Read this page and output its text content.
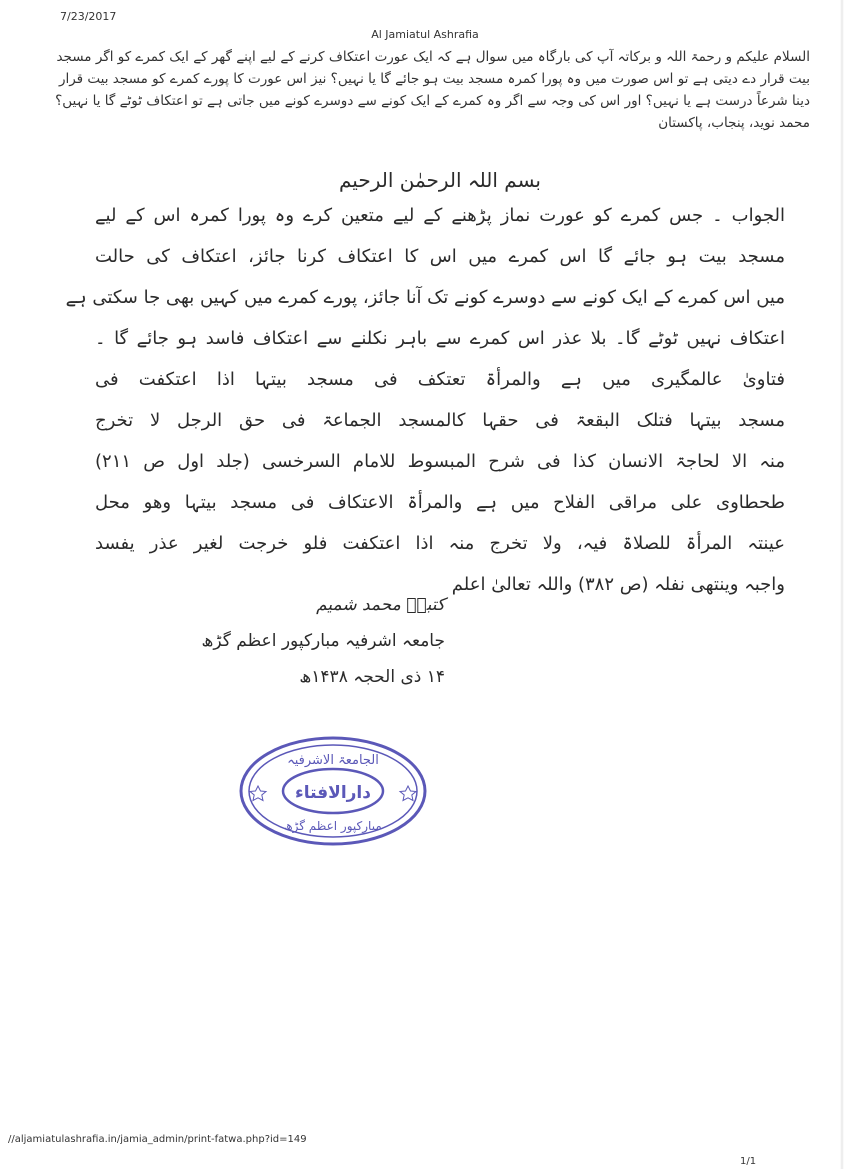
7/23/2017
Al Jamiatul Ashrafia
السلام علیکم و رحمۃ اللہ و برکاتہ آپ کی بارگاہ میں سوال ہے کہ ایک عورت اعتکاف کرنے کے لیے اپنے گھر کے ایک کمرے کو اگر مسجد بیت قرار دے دیتی ہے تو اس صورت میں وہ پورا کمرہ مسجد بیت ہو جائے گا یا نہیں؟ نیز اس عورت کا پورے کمرے کو مسجد بیت قرار دینا شرعاً درست ہے یا نہیں؟ اور اس کی وجہ سے اگر وہ کمرے کے ایک کونے سے دوسرے کونے میں جاتی ہے تو اعتکاف ٹوٹے گا یا نہیں؟ محمد نوید، پنجاب، پاکستان
بسم اللہ الرحمٰن الرحیم
الجواب ۔ جس کمرے کو عورت نماز پڑھنے کے لیے متعین کرے وہ پورا کمرہ اس کے لیے
مسجد بیت ہو جائے گا اس کمرے میں اس کا اعتکاف کرنا جائز، اعتکاف کی حالت
میں اس کمرے کے ایک کونے سے دوسرے کونے تک آنا جائز، پورے کمرے میں کہیں بھی جا سکتی ہے
اعتکاف نہیں ٹوٹے گا۔ بلا عذر اس کمرے سے باہر نکلنے سے اعتکاف فاسد ہو جائے گا ۔
فتاویٰ عالمگیری میں ہے والمرأۃ تعتکف فی مسجد بیتہا اذا اعتکفت فی
مسجد بیتہا فتلک البقعۃ فی حقہا کالمسجد الجماعۃ فی حق الرجل لا تخرج
منہ الا لحاجۃ الانسان کذا فی شرح المبسوط للامام السرخسی (جلد اول ص ۲۱۱)
طحطاوی علی مراقی الفلاح میں ہے والمرأۃ الاعتکاف فی مسجد بیتہا وھو محل
عینتہ المرأۃ للصلاۃ فیہ، ولا تخرج منہ اذا اعتکفت فلو خرجت لغیر عذر یفسد
واجبہ وینتھی نفلہ (ص ۳۸۲) واللہ تعالیٰ اعلم
کتبہٗ محمد شمیم
جامعہ اشرفیہ مبارکپور اعظم گڑھ
۱۴ ذی الحجہ ۱۴۳۸ھ
الجامعۃ الاشرفیہ
دارالافتاء
مبارکپور اعظم گڑھ
//aljamiatulashrafia.in/jamia_admin/print-fatwa.php?id=149
1/1
